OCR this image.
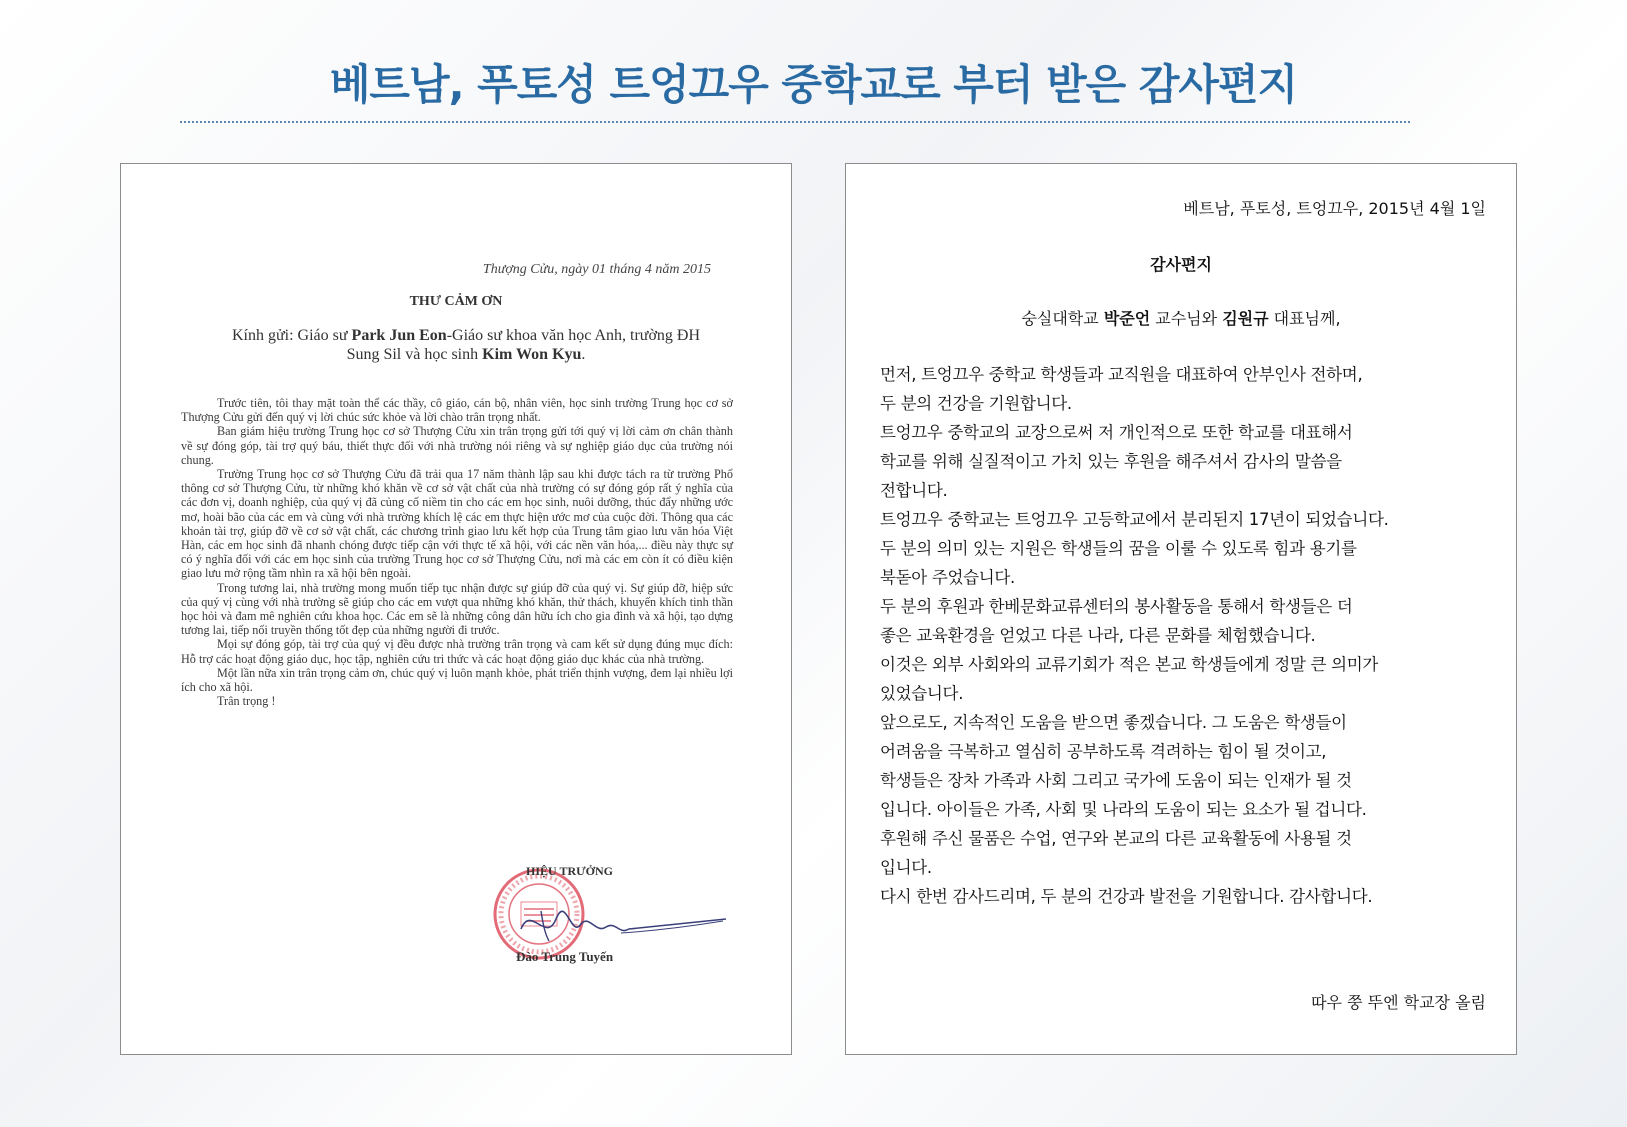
베트남, 푸토성 트엉끄우 중학교로 부터 받은 감사편지
Thượng Cửu, ngày 01 tháng 4 năm 2015
THƯ CẢM ƠN
Kính gửi: Giáo sư Park Jun Eon-Giáo sư khoa văn học Anh, trường ĐH Sung Sil và học sinh Kim Won Kyu.

Trước tiên, tôi thay mặt toàn thể các thầy, cô giáo, cán bộ, nhân viên, học sinh trường Trung học cơ sở Thượng Cửu gửi đến quý vị lời chúc sức khỏe và lời chào trân trọng nhất.

Ban giám hiệu trường Trung học cơ sở Thượng Cửu xin trân trọng gửi tới quý vị lời cảm ơn chân thành về sự đóng góp, tài trợ quý báu, thiết thực đối với nhà trường nói riêng và sự nghiệp giáo dục của trường nói chung.

Trường Trung học cơ sở Thượng Cửu đã trải qua 17 năm thành lập sau khi được tách ra từ trường Phổ thông cơ sở Thượng Cửu, từ những khó khăn về cơ sở vật chất của nhà trường có sự đóng góp rất ý nghĩa của các đơn vị, doanh nghiệp, của quý vị đã củng cố niềm tin cho các em học sinh, nuôi dưỡng, thúc đẩy những ước mơ, hoài bão của các em và cùng với nhà trường khích lệ các em thực hiện ước mơ của cuộc đời. Thông qua các khoản tài trợ, giúp đỡ về cơ sở vật chất, các chương trình giao lưu kết hợp của Trung tâm giao lưu văn hóa Việt Hàn, các em học sinh đã nhanh chóng được tiếp cận với thực tế xã hội, với các nền văn hóa,... điều này thực sự có ý nghĩa đối với các em học sinh của trường Trung học cơ sở Thượng Cửu, nơi mà các em còn ít có điều kiện giao lưu mở rộng tầm nhìn ra xã hội bên ngoài.

Trong tương lai, nhà trường mong muốn tiếp tục nhận được sự giúp đỡ của quý vị. Sự giúp đỡ, hiệp sức của quý vị cùng với nhà trường sẽ giúp cho các em vượt qua những khó khăn, thử thách, khuyến khích tinh thần học hỏi và đam mê nghiên cứu khoa học. Các em sẽ là những công dân hữu ích cho gia đình và xã hội, tạo dựng tương lai, tiếp nối truyền thống tốt đẹp của những người đi trước.

Mọi sự đóng góp, tài trợ của quý vị đều được nhà trường trân trọng và cam kết sử dụng đúng mục đích: Hỗ trợ các hoạt động giáo dục, học tập, nghiên cứu tri thức và các hoạt động giáo dục khác của nhà trường.

Một lần nữa xin trân trọng cảm ơn, chúc quý vị luôn mạnh khỏe, phát triển thịnh vượng, đem lại nhiều lợi ích cho xã hội.

Trân trọng !

HIỆU TRƯỞNG
Đào Trung Tuyến
베트남, 푸토성, 트엉끄우, 2015년 4월 1일
감사편지
숭실대학교 박준언 교수님와 김원규 대표님께,
먼저, 트엉끄우 중학교 학생들과 교직원을 대표하여 안부인사 전하며,
두 분의 건강을 기원합니다.
트엉끄우 중학교의 교장으로써 저 개인적으로 또한 학교를 대표해서
학교를 위해 실질적이고 가치 있는 후원을 해주셔서 감사의 말씀을
전합니다.
트엉끄우 중학교는 트엉끄우 고등학교에서 분리된지 17년이 되었습니다.
두 분의 의미 있는 지원은 학생들의 꿈을 이룰 수 있도록 힘과 용기를
북돋아 주었습니다.
두 분의 후원과 한베문화교류센터의 봉사활동을 통해서 학생들은 더
좋은 교육환경을 얻었고 다른 나라, 다른 문화를 체험했습니다.
이것은 외부 사회와의 교류기회가 적은 본교 학생들에게 정말 큰 의미가
있었습니다.
앞으로도, 지속적인 도움을 받으면 좋겠습니다. 그 도움은 학생들이
어려움을 극복하고 열심히 공부하도록 격려하는 힘이 될 것이고,
학생들은 장차 가족과 사회 그리고 국가에 도움이 되는 인재가 될 것
입니다. 아이들은 가족, 사회 및 나라의 도움이 되는 요소가 될 겁니다.
후원해 주신 물품은 수업, 연구와 본교의 다른 교육활동에 사용될 것
입니다.
다시 한번 감사드리며, 두 분의 건강과 발전을 기원합니다. 감사합니다.
따우 쭝 뚜엔 학교장 올림
